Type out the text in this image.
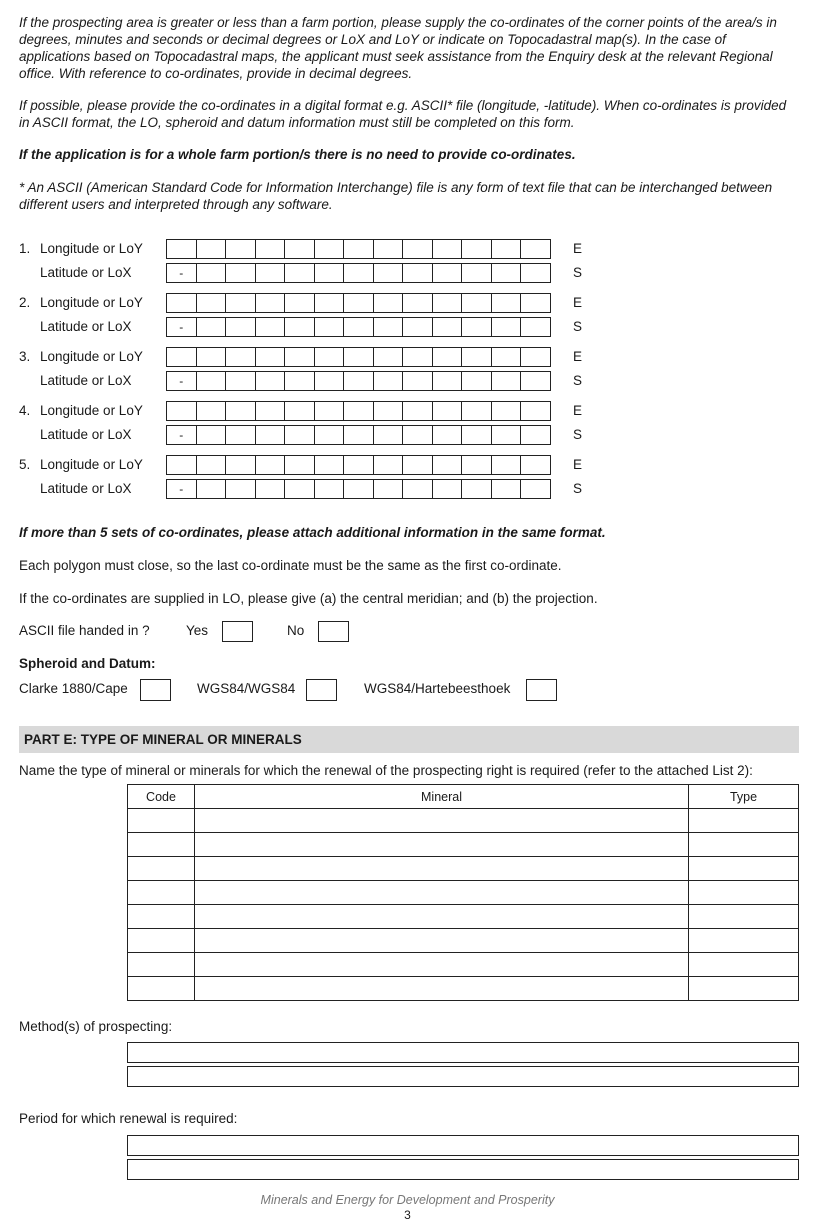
If the prospecting area is greater or less than a farm portion, please supply the co-ordinates of the corner points of the area/s in degrees, minutes and seconds or decimal degrees or LoX and LoY or indicate on Topocadastral map(s). In the case of applications based on Topocadastral maps, the applicant must seek assistance from the Enquiry desk at the relevant Regional office. With reference to co-ordinates, provide in decimal degrees.
If possible, please provide the co-ordinates in a digital format e.g. ASCII* file (longitude, -latitude). When co-ordinates is provided in ASCII format, the LO, spheroid and datum information must still be completed on this form.
If the application is for a whole farm portion/s there is no need to provide co-ordinates.
* An ASCII (American Standard Code for Information Interchange) file is any form of text file that can be interchanged between different users and interpreted through any software.
1. Longitude or LoY	E
Latitude or LoX	-	S
2. Longitude or LoY	E
Latitude or LoX	-	S
3. Longitude or LoY	E
Latitude or LoX	-	S
4. Longitude or LoY	E
Latitude or LoX	-	S
5. Longitude or LoY	E
Latitude or LoX	-	S
If more than 5 sets of co-ordinates, please attach additional information in the same format.
Each polygon must close, so the last co-ordinate must be the same as the first co-ordinate.
If the co-ordinates are supplied in LO, please give (a) the central meridian; and (b) the projection.
ASCII file handed in ?	Yes	No
Spheroid and Datum:
Clarke 1880/Cape	WGS84/WGS84	WGS84/Hartebeesthoek
PART E: TYPE OF MINERAL OR MINERALS
Name the type of mineral or minerals for which the renewal of the prospecting right is required (refer to the attached List 2):
Code	Mineral	Type

Method(s) of prospecting:
Period for which renewal is required:
Minerals and Energy for Development and Prosperity
3
